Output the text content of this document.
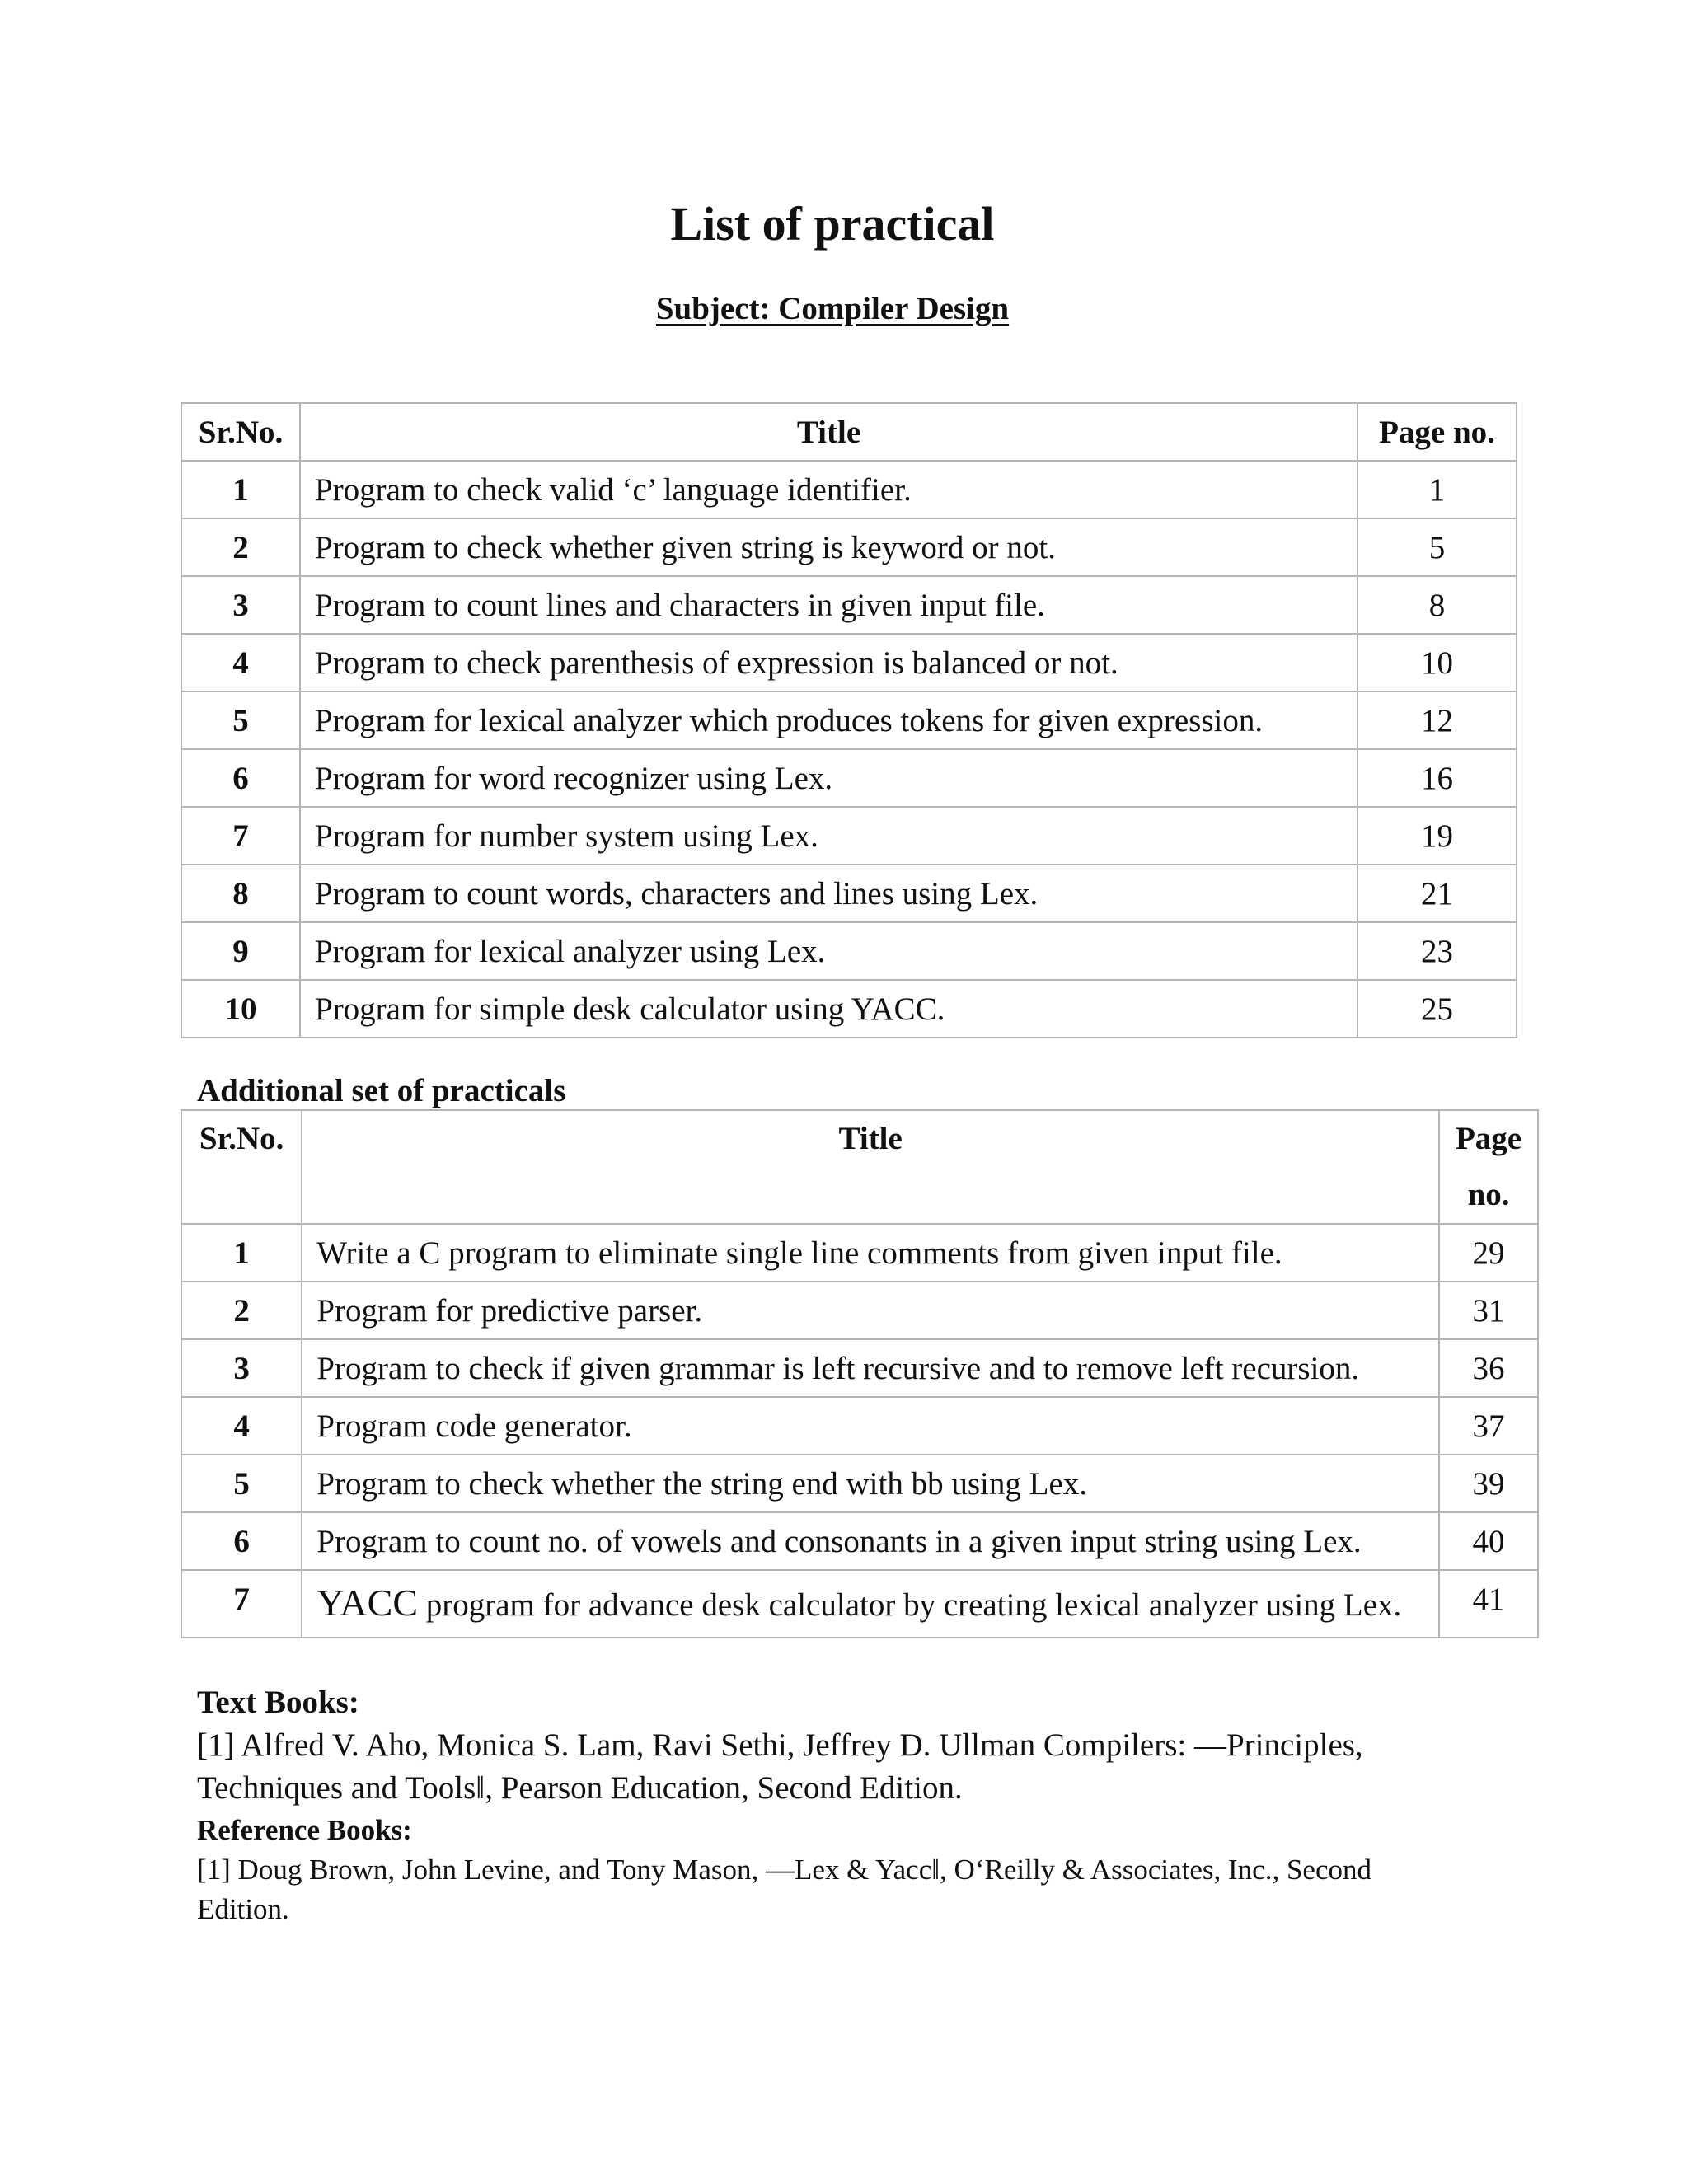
List of practical
Subject: Compiler Design
Sr.No.	Title	Page no.
1	Program to check valid ‘c’ language identifier.	1
2	Program to check whether given string is keyword or not.	5
3	Program to count lines and characters in given input file.	8
4	Program to check parenthesis of expression is balanced or not.	10
5	Program for lexical analyzer which produces tokens for given expression.	12
6	Program for word recognizer using Lex.	16
7	Program for number system using Lex.	19
8	Program to count words, characters and lines using Lex.	21
9	Program for lexical analyzer using Lex.	23
10	Program for simple desk calculator using YACC.	25
Additional set of practicals
Sr.No.	Title	Page
no.
1	Write a C program to eliminate single line comments from given input file.	29
2	Program for predictive parser.	31
3	Program to check if given grammar is left recursive and to remove left recursion.	36
4	Program code generator.	37
5	Program to check whether the string end with bb using Lex.	39
6	Program to count no. of vowels and consonants in a given input string using Lex.	40
7	YACC program for advance desk calculator by creating lexical analyzer using Lex.	41
Text Books:
[1] Alfred V. Aho, Monica S. Lam, Ravi Sethi, Jeffrey D. Ullman Compilers: ―Principles,
Techniques and Tools‖, Pearson Education, Second Edition.
Reference Books:
[1] Doug Brown, John Levine, and Tony Mason, ―Lex & Yacc‖, O‘Reilly & Associates, Inc., Second
Edition.
